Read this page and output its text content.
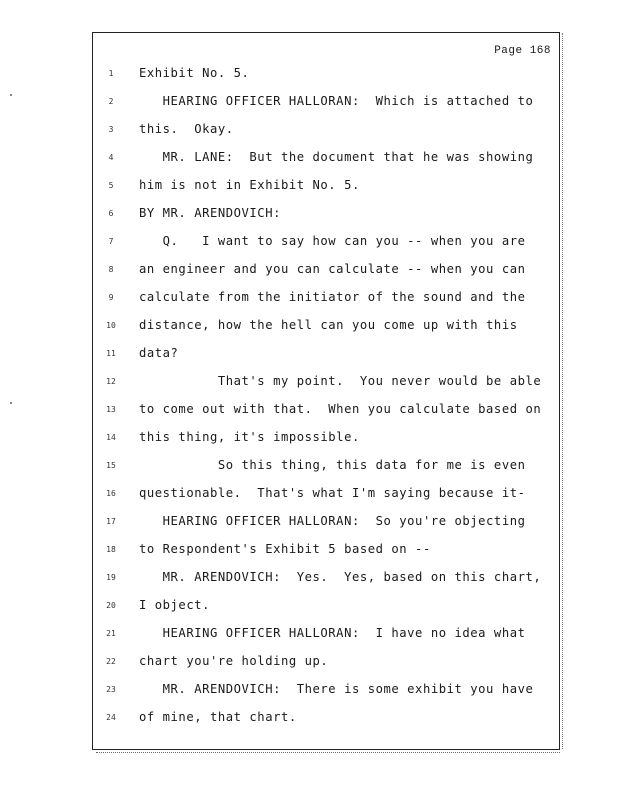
Page 168
1	Exhibit No. 5.
2	HEARING OFFICER HALLORAN:  Which is attached to
3	this.  Okay.
4	MR. LANE:  But the document that he was showing
5	him is not in Exhibit No. 5.
6	BY MR. ARENDOVICH:
7	Q.   I want to say how can you -- when you are
8	an engineer and you can calculate -- when you can
9	calculate from the initiator of the sound and the
10 distance, how the hell can you come up with this
11 data?
12 That's my point.  You never would be able
13 to come out with that.  When you calculate based on
14 this thing, it's impossible.
15 So this thing, this data for me is even
16 questionable.  That's what I'm saying because it-
17 HEARING OFFICER HALLORAN:  So you're objecting
18 to Respondent's Exhibit 5 based on --
19 MR. ARENDOVICH:  Yes.  Yes, based on this chart,
20 I object.
21 HEARING OFFICER HALLORAN:  I have no idea what
22 chart you're holding up.
23 MR. ARENDOVICH:  There is some exhibit you have
24 of mine, that chart.
